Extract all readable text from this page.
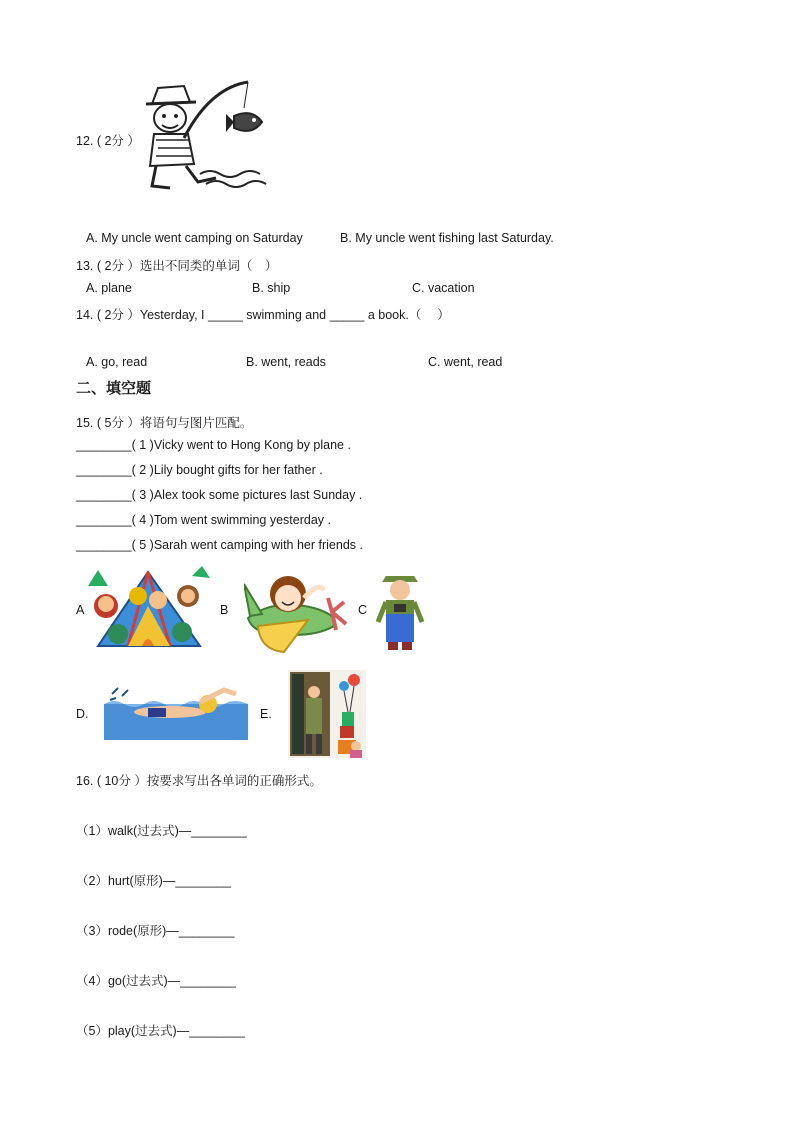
12. ( 2分 ）
A. My uncle went camping on Saturday	B. My uncle went fishing last Saturday.
13. ( 2分 ）选出不同类的单词（　）
A. plane	B. ship	C. vacation
14. ( 2分 ）Yesterday, I _____ swimming and _____ a book.（　 ）
A. go, read	B. went, reads	C. went, read
二、填空题
15. ( 5分 ）将语句与图片匹配。
________( 1 )Vicky went to Hong Kong by plane .
________( 2 )Lily bought gifts for her father .
________( 3 )Alex took some pictures last Sunday .
________( 4 )Tom went swimming yesterday .
________( 5 )Sarah went camping with her friends .
A	B	C
D.	E.
16. ( 10分 ）按要求写出各单词的正确形式。
（1）walk(过去式)—________
（2）hurt(原形)—________
（3）rode(原形)—________
（4）go(过去式)—________
（5）play(过去式)—________
